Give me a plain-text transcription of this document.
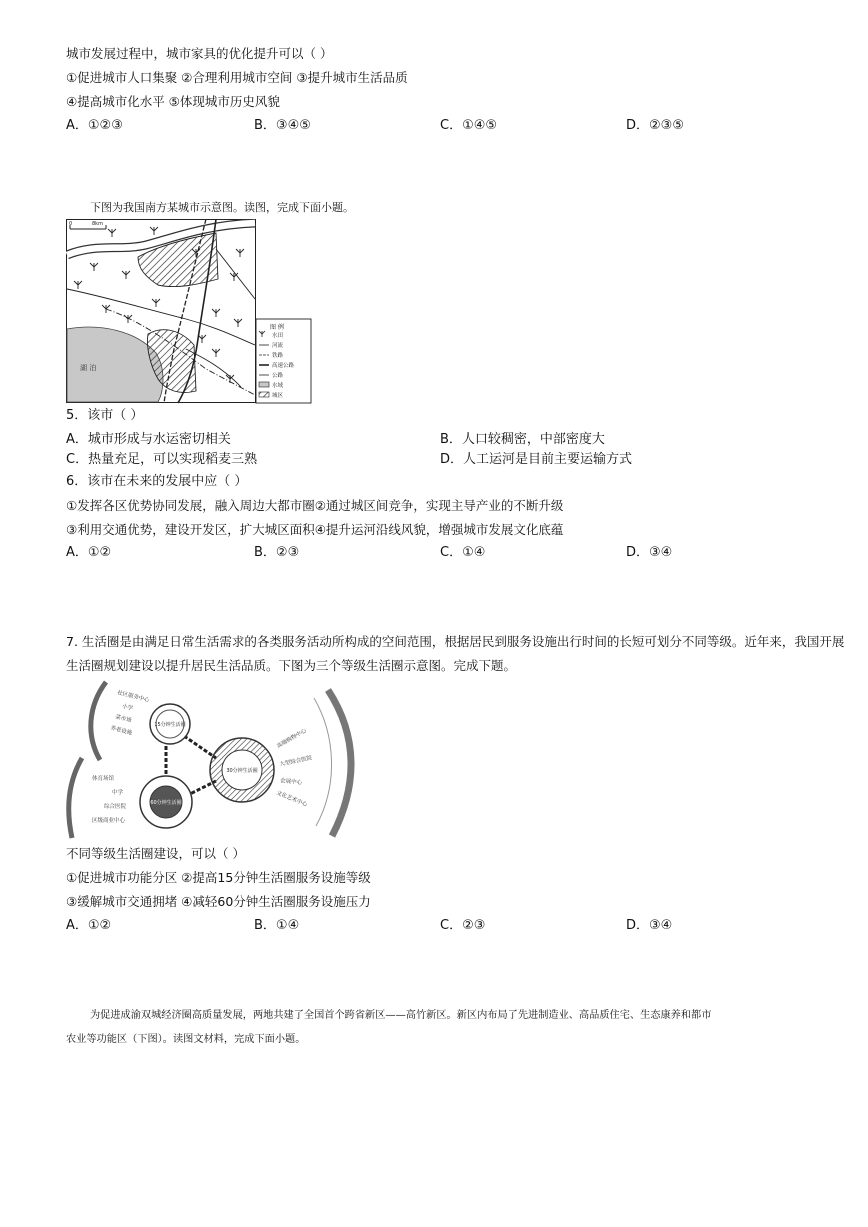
城市发展过程中，城市家具的优化提升可以（ ）
①促进城市人口集聚 ②合理利用城市空间 ③提升城市生活品质
④提高城市化水平 ⑤体现城市历史风貌
A．①②③	B．③④⑤	C．①④⑤	D．②③⑤
下图为我国南方某城市示意图。读图，完成下面小题。
湖 泊
0	8km
图 例
水田
河流
铁路
高速公路
公路
水域
城区
5．该市（ ）
A．城市形成与水运密切相关	B．人口较稠密，中部密度大
C．热量充足，可以实现稻麦三熟	D．人工运河是目前主要运输方式
6．该市在未来的发展中应（ ）
①发挥各区优势协同发展，融入周边大都市圈②通过城区间竞争，实现主导产业的不断升级
③利用交通优势，建设开发区，扩大城区面积④提升运河沿线风貌，增强城市发展文化底蕴
A．①②	B．②③	C．①④	D．③④
7. 生活圈是由满足日常生活需求的各类服务活动所构成的空间范围，根据居民到服务设施出行时间的长短可划分不同等级。近年来，我国开展
生活圈规划建设以提升居民生活品质。下图为三个等级生活圈示意图。完成下题。
15分钟生活圈
30分钟生活圈
60分钟生活圈
社区服务中心
小学
菜市场
养老设施
体育场馆
中学
综合医院
区级商业中心
高端购物中心
大型综合医院
会展中心
文化艺术中心
不同等级生活圈建设，可以（ ）
①促进城市功能分区 ②提高15分钟生活圈服务设施等级
③缓解城市交通拥堵 ④减轻60分钟生活圈服务设施压力
A．①②	B．①④	C．②③	D．③④
为促进成渝双城经济圈高质量发展，两地共建了全国首个跨省新区——高竹新区。新区内布局了先进制造业、高品质住宅、生态康养和都市
农业等功能区（下图）。读图文材料，完成下面小题。
